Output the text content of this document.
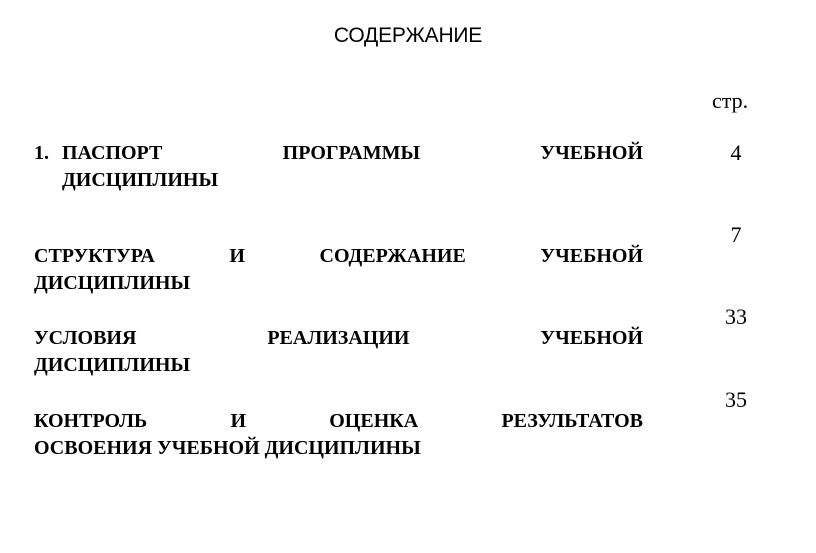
СОДЕРЖАНИЕ
стр.
1. ПАСПОРТ	ПРОГРАММЫ	УЧЕБНОЙ
ДИСЦИПЛИНЫ
4
СТРУКТУРА	И	СОДЕРЖАНИЕ	УЧЕБНОЙ
ДИСЦИПЛИНЫ
7
УСЛОВИЯ	РЕАЛИЗАЦИИ	УЧЕБНОЙ
ДИСЦИПЛИНЫ
33
КОНТРОЛЬ	И	ОЦЕНКА	РЕЗУЛЬТАТОВ
ОСВОЕНИЯ УЧЕБНОЙ ДИСЦИПЛИНЫ
35
